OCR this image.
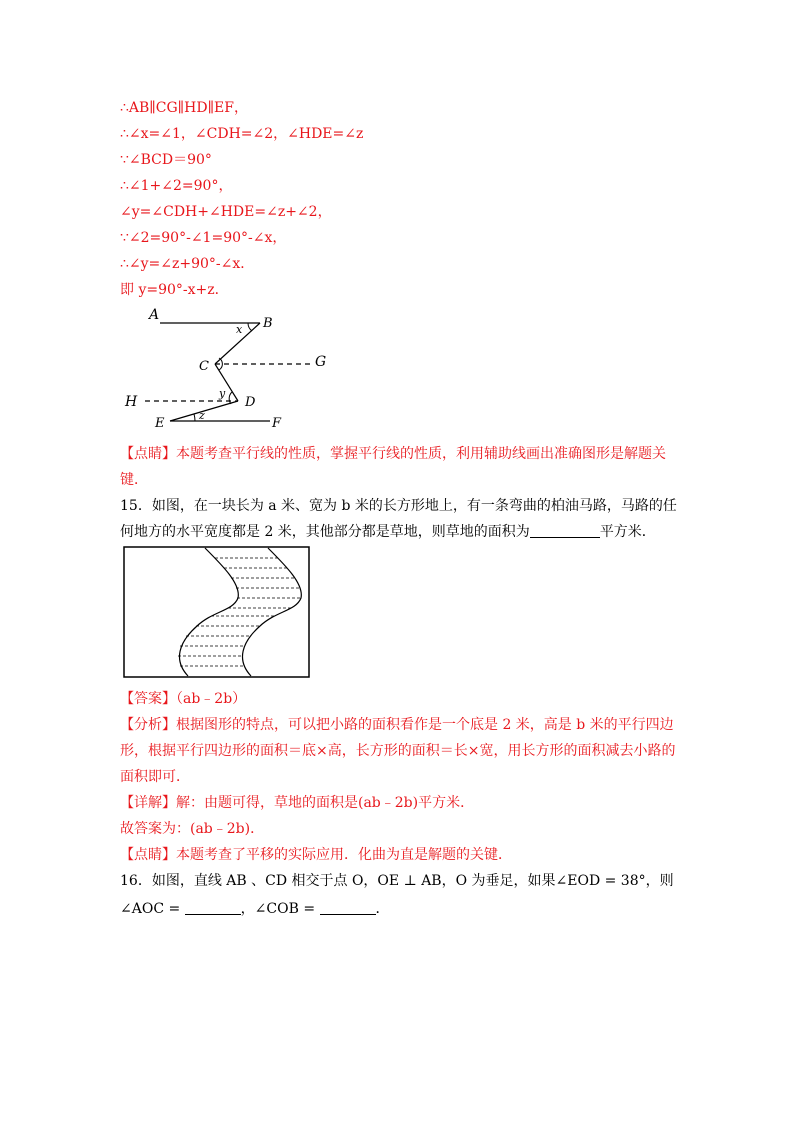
∴AB∥CG∥HD∥EF，
∴∠x=∠1，∠CDH=∠2，∠HDE=∠z
∵∠BCD＝90°
∴∠1+∠2=90°，
∠y=∠CDH+∠HDE=∠z+∠2，
∵∠2=90°-∠1=90°-∠x，
∴∠y=∠z+90°-∠x．
即 y=90°-x+z．
A
B
C	G
H	D
E	F
x
y
z
【点睛】本题考查平行线的性质，掌握平行线的性质，利用辅助线画出准确图形是解题关
键．
15．如图，在一块长为 a 米、宽为 b 米的长方形地上，有一条弯曲的柏油马路，马路的任
何地方的水平宽度都是 2 米，其他部分都是草地，则草地的面积为	平方米．
【答案】（ab﹣2b）
【分析】根据图形的特点，可以把小路的面积看作是一个底是 2 米，高是 b 米的平行四边
形，根据平行四边形的面积＝底×高，长方形的面积＝长×宽，用长方形的面积减去小路的
面积即可．
【详解】解：由题可得，草地的面积是(ab﹣2b)平方米．
故答案为：(ab﹣2b)．
【点睛】本题考查了平移的实际应用．化曲为直是解题的关键．
16．如图，直线 AB 、CD 相交于点 O，OE ⊥ AB，O 为垂足，如果∠EOD = 38°，则
∠AOC =	，∠COB =	．
